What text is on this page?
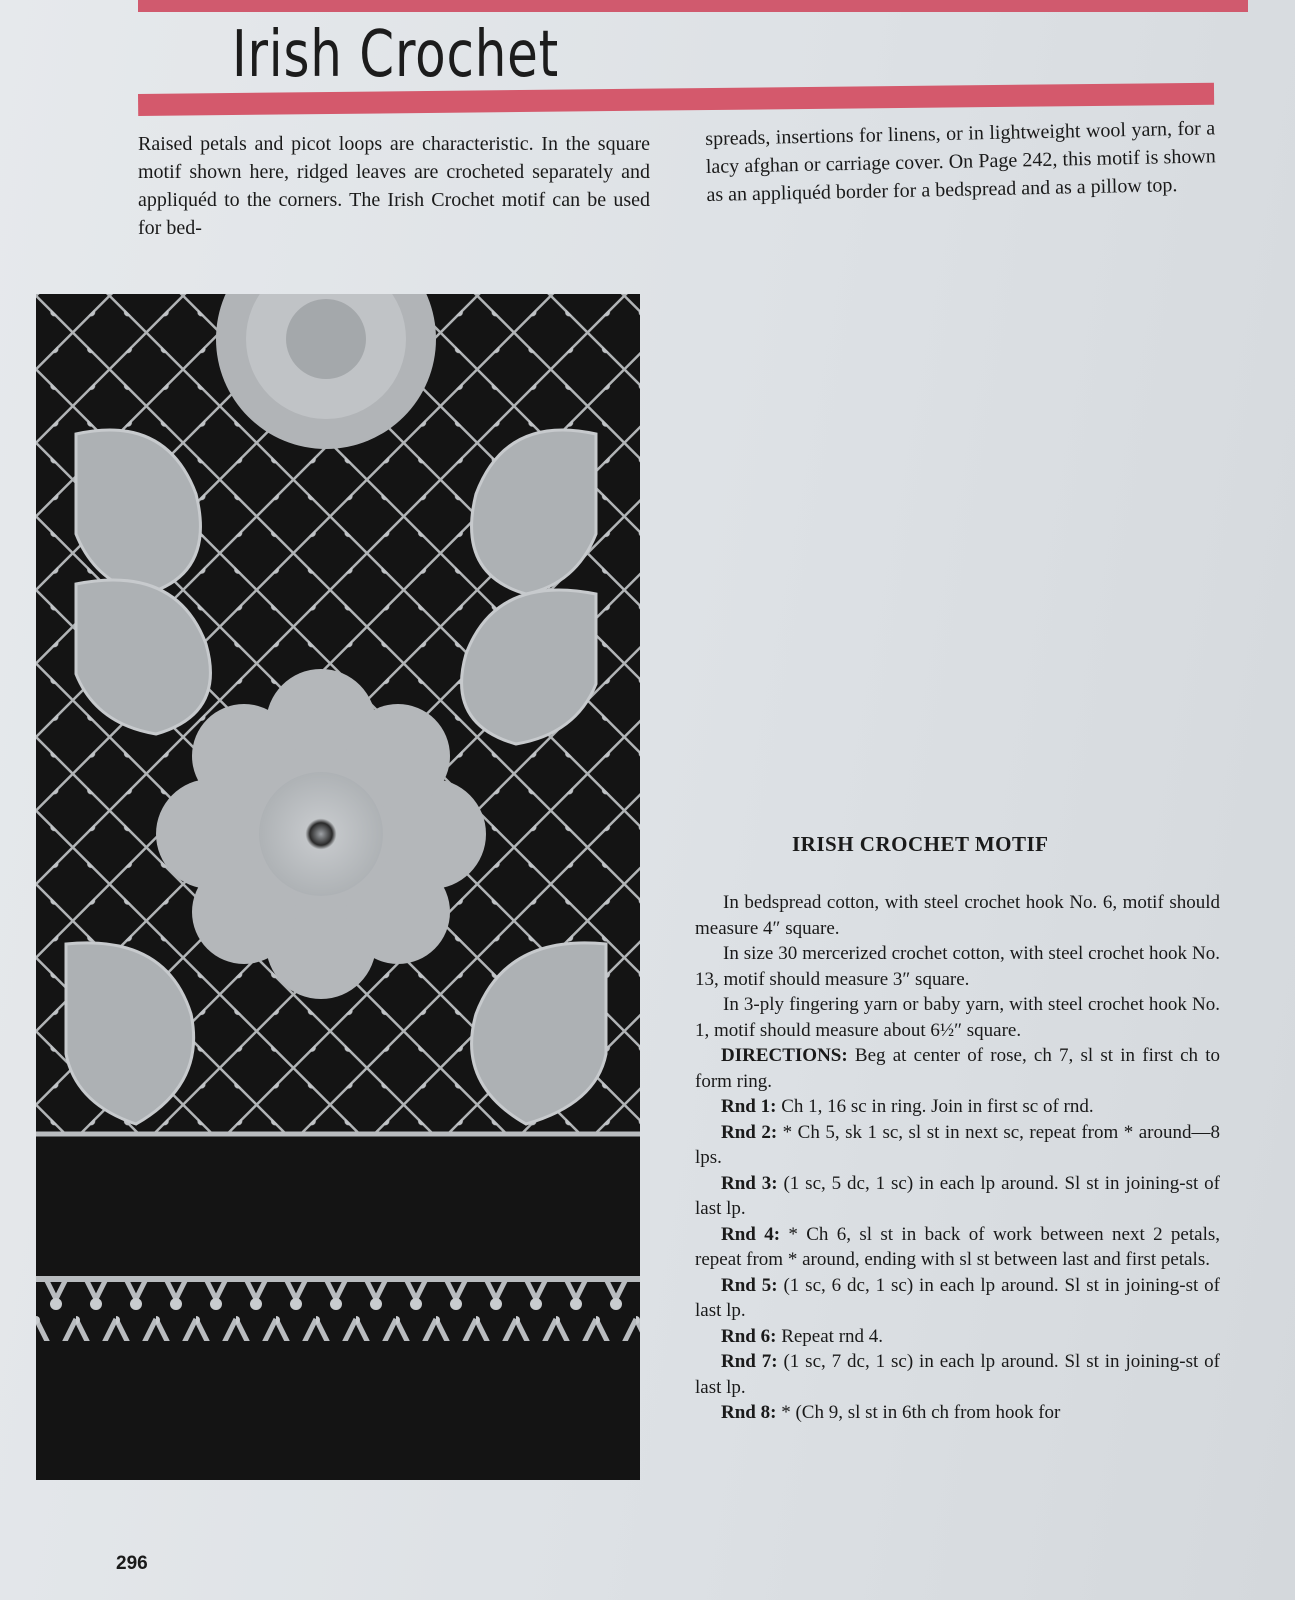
Irish Crochet

Raised petals and picot loops are characteristic. In the square motif shown here, ridged leaves are crocheted separately and appliquéd to the corners. The Irish Crochet motif can be used for bed-

spreads, insertions for linens, or in lightweight wool yarn, for a lacy afghan or carriage cover. On Page 242, this motif is shown as an appliquéd border for a bedspread and as a pillow top.

IRISH CROCHET MOTIF

In bedspread cotton, with steel crochet hook No. 6, motif should measure 4″ square.

In size 30 mercerized crochet cotton, with steel crochet hook No. 13, motif should measure 3″ square.

In 3-ply fingering yarn or baby yarn, with steel crochet hook No. 1, motif should measure about 6½″ square.

DIRECTIONS: Beg at center of rose, ch 7, sl st in first ch to form ring.

Rnd 1: Ch 1, 16 sc in ring. Join in first sc of rnd.

Rnd 2: * Ch 5, sk 1 sc, sl st in next sc, repeat from * around—8 lps.

Rnd 3: (1 sc, 5 dc, 1 sc) in each lp around. Sl st in joining-st of last lp.

Rnd 4: * Ch 6, sl st in back of work between next 2 petals, repeat from * around, ending with sl st between last and first petals.

Rnd 5: (1 sc, 6 dc, 1 sc) in each lp around. Sl st in joining-st of last lp.

Rnd 6: Repeat rnd 4.

Rnd 7: (1 sc, 7 dc, 1 sc) in each lp around. Sl st in joining-st of last lp.

Rnd 8: * (Ch 9, sl st in 6th ch from hook for

296
